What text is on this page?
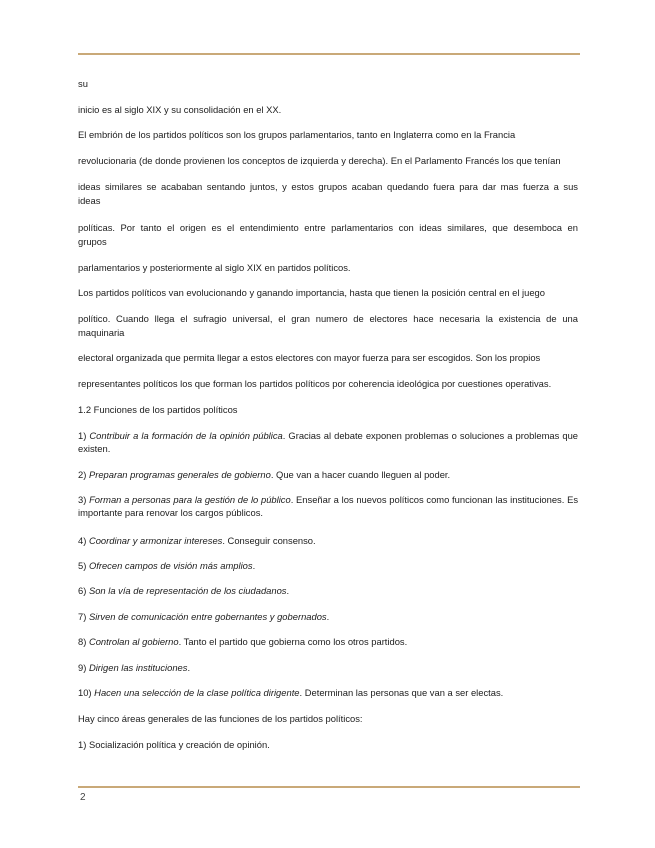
su
inicio es al siglo XIX y su consolidación en el XX.
El embrión de los partidos políticos son los grupos parlamentarios, tanto en Inglaterra como en la Francia
revolucionaria (de donde provienen los conceptos de izquierda y derecha). En el Parlamento Francés los que tenían
ideas similares se acababan sentando juntos, y estos grupos acaban quedando fuera para dar mas fuerza a sus
ideas
políticas. Por tanto el origen es el entendimiento entre parlamentarios con ideas similares, que desemboca en
grupos
parlamentarios y posteriormente al siglo XIX en partidos políticos.
Los partidos políticos van evolucionando y ganando importancia, hasta que tienen la posición central en el juego
político. Cuando llega el sufragio universal, el gran numero de electores hace necesaria la existencia de una
maquinaria
electoral organizada que permita llegar a estos electores con mayor fuerza para ser escogidos. Son los propios
representantes políticos los que forman los partidos políticos por coherencia ideológica por cuestiones operativas.
1.2 Funciones de los partidos políticos
1) Contribuir a la formación de la opinión pública. Gracias al debate exponen problemas o soluciones a problemas que existen.
2) Preparan programas generales de gobierno. Que van a hacer cuando lleguen al poder.
3) Forman a personas para la gestión de lo público. Enseñar a los nuevos políticos como funcionan las instituciones. Es importante para renovar los cargos públicos.
4) Coordinar y armonizar intereses. Conseguir consenso.
5) Ofrecen campos de visión más amplios.
6) Son la vía de representación de los ciudadanos.
7) Sirven de comunicación entre gobernantes y gobernados.
8) Controlan al gobierno. Tanto el partido que gobierna como los otros partidos.
9) Dirigen las instituciones.
10) Hacen una selección de la clase política dirigente. Determinan las personas que van a ser electas.
Hay cinco áreas generales de las funciones de los partidos políticos:
1) Socialización política y creación de opinión.
2
